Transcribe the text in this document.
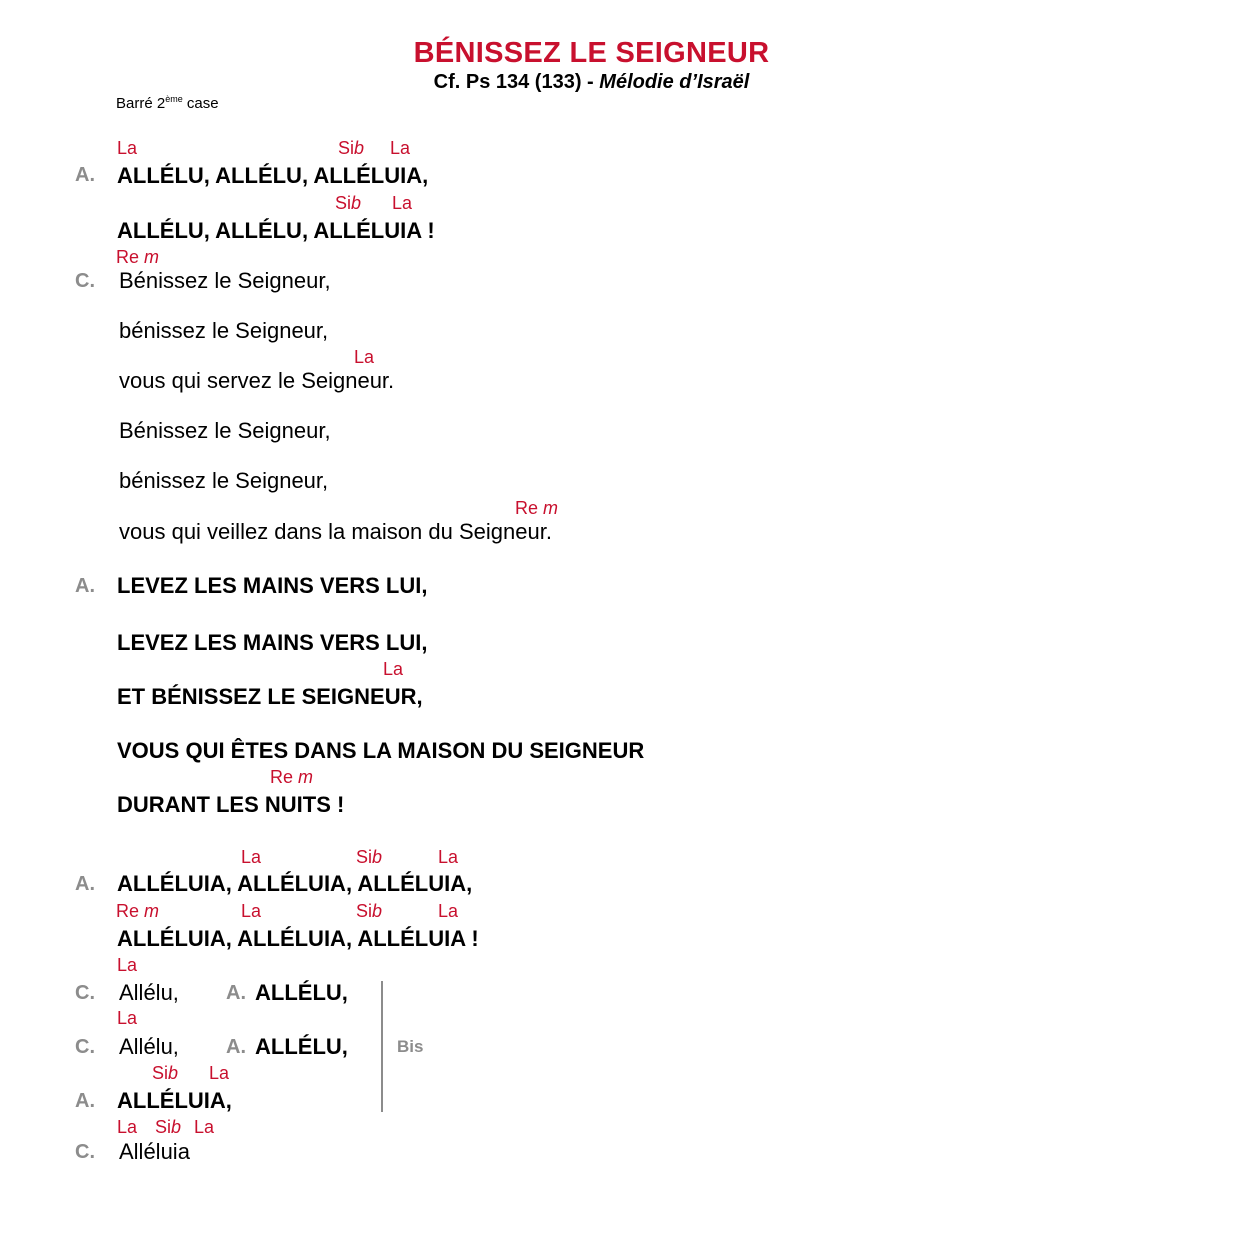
BÉNISSEZ LE SEIGNEUR
Cf. Ps 134 (133) - Mélodie d’Israël
Barré 2ème case
La	Sib La
A. ALLÉLU, ALLÉLU, ALLÉLUIA,
Sib La
ALLÉLU, ALLÉLU, ALLÉLUIA !
Re m
C. Bénissez le Seigneur,
bénissez le Seigneur,
La
vous qui servez le Seigneur.
Bénissez le Seigneur,
bénissez le Seigneur,
Re m
vous qui veillez dans la maison du Seigneur.
A. LEVEZ LES MAINS VERS LUI,
LEVEZ LES MAINS VERS LUI,
La
ET BÉNISSEZ LE SEIGNEUR,
VOUS QUI ÊTES DANS LA MAISON DU SEIGNEUR
Re m
DURANT LES NUITS !
La	Sib	La
A. ALLÉLUIA, ALLÉLUIA, ALLÉLUIA,
Re m	La	Sib	La
ALLÉLUIA, ALLÉLUIA, ALLÉLUIA !
La
C. Allélu, A. ALLÉLU,
La
C. Allélu, A. ALLÉLU,
Sib La
A. ALLÉLUIA,
La Sib La
C. Alléluia
Bis
